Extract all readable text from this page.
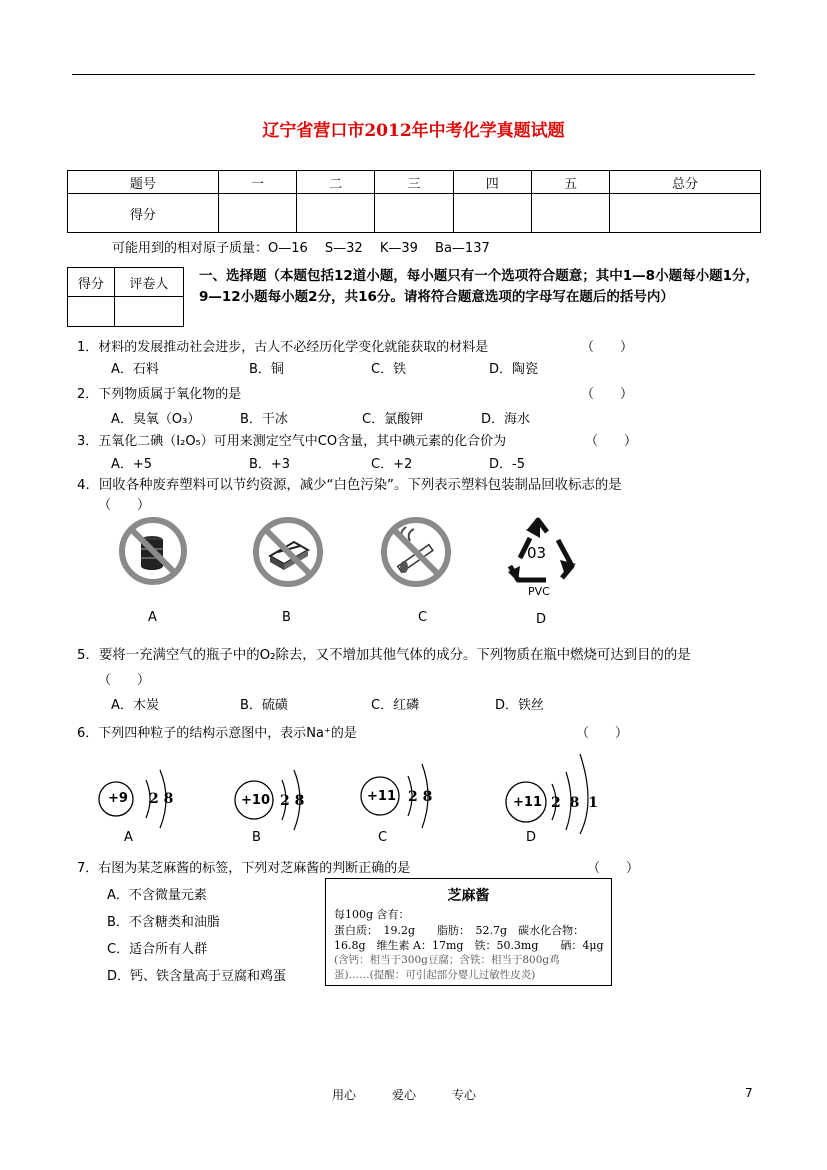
辽宁省营口市2012年中考化学真题试题
题号	一	二	三	四	五	总分
得分						
可能用到的相对原子质量：O—16　 S—32　 K—39　 Ba—137
得分	评卷人
	一、选择题（本题包括12道小题，每小题只有一个选项符合题意；其中1—8小题每小题1分，9—12小题每小题2分，共16分。请将符合题意选项的字母写在题后的括号内）
1．材料的发展推动社会进步，古人不必经历化学变化就能获取的材料是	（　　）
A．石料	B．铜	C．铁	D．陶瓷
2．下列物质属于氧化物的是	（　　）
A．臭氧（O₃）	B．干冰	C．氯酸钾	D．海水
3．五氧化二碘（I₂O₅）可用来测定空气中CO含量，其中碘元素的化合价为	（　　）
A．+5	B．+3	C．+2	D．-5
4．回收各种废弃塑料可以节约资源，减少“白色污染”。下列表示塑料包装制品回收标志的是
（　　）
A	B	C
03
PVC
D
5．要将一充满空气的瓶子中的O₂除去，又不增加其他气体的成分。下列物质在瓶中燃烧可达到目的的是
（　　）
A．木炭	B．硫磺	C．红磷	D．铁丝
6．下列四种粒子的结构示意图中，表示Na⁺的是	（　　）
+9 2 8
A
+10 2 8
B
+11 2 8
C
+11 2 8 1
D
7．右图为某芝麻酱的标签，下列对芝麻酱的判断正确的是	（　　）
A．不含微量元素
B．不含糖类和油脂
C．适合所有人群
D．钙、铁含量高于豆腐和鸡蛋
芝麻酱
每100g 含有：
蛋白质：　19.2g　　脂肪：　52.7g　碳水化合物：
16.8g　维生素 A：17mg　铁：50.3mg　　硒：4μg
(含钙：相当于300g豆腐；含铁：相当于800g鸡
蛋)……(提醒：可引起部分婴儿过敏性皮炎)
用心　　　爱心　　　专心	7
